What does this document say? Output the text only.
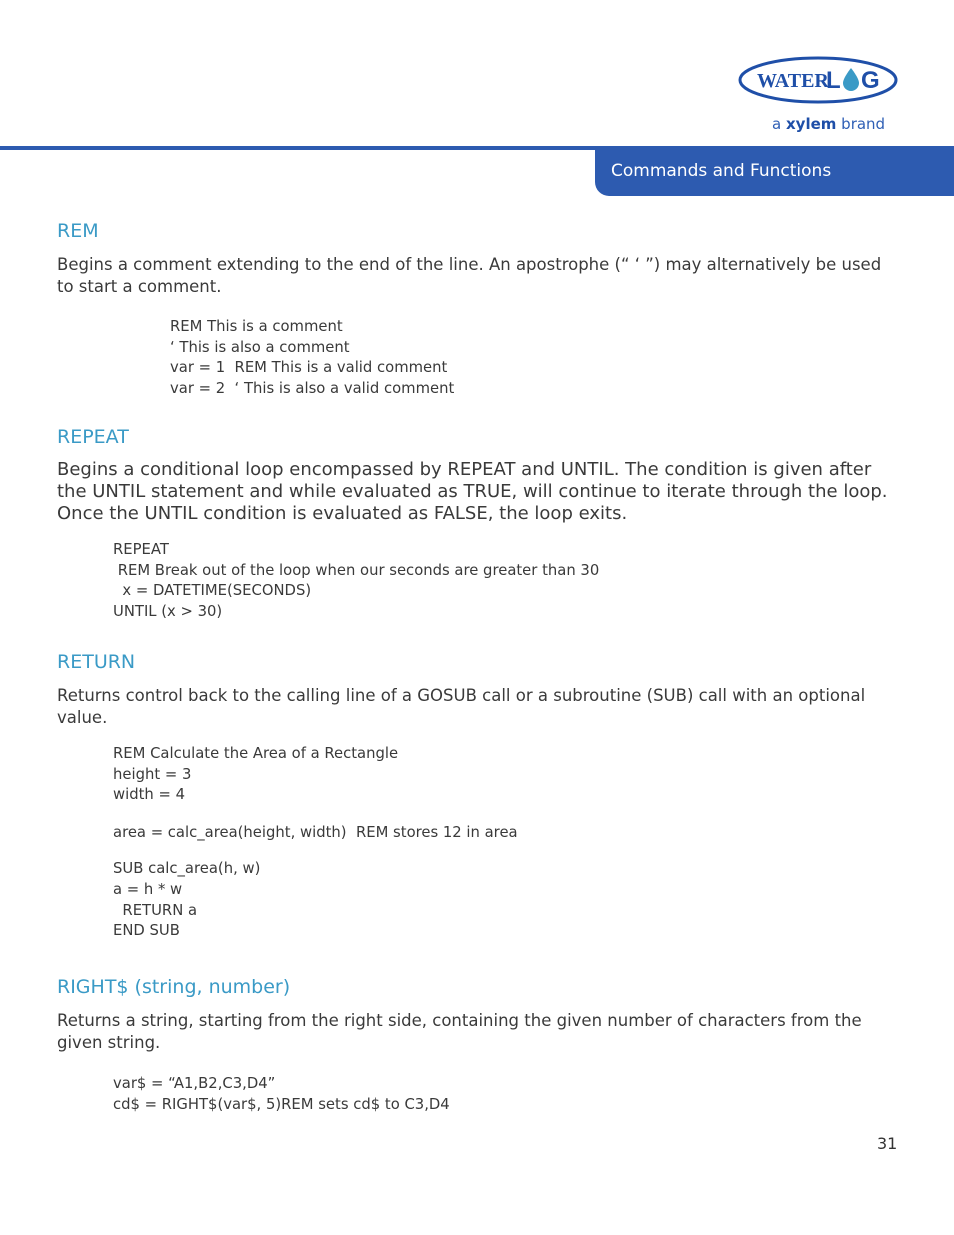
WATER
L G
a xylem brand
Commands and Functions
REM

Begins a comment extending to the end of the line. An apostrophe (“ ‘ ”) may alternatively be used to start a comment.

REM This is a comment
‘ This is also a comment
var = 1  REM This is a valid comment
var = 2  ‘ This is also a valid comment
REPEAT

Begins a conditional loop encompassed by REPEAT and UNTIL. The condition is given after the UNTIL statement and while evaluated as TRUE, will continue to iterate through the loop. Once the UNTIL condition is evaluated as FALSE, the loop exits.

REPEAT
REM Break out of the loop when our seconds are greater than 30
x = DATETIME(SECONDS)
UNTIL (x > 30)
RETURN

Returns control back to the calling line of a GOSUB call or a subroutine (SUB) call with an optional value.

REM Calculate the Area of a Rectangle
height = 3
width = 4
area = calc_area(height, width)  REM stores 12 in area
SUB calc_area(h, w)
a = h * w
RETURN a
END SUB
RIGHT$ (string, number)

Returns a string, starting from the right side, containing the given number of characters from the given string.

var$ = “A1,B2,C3,D4”
cd$ = RIGHT$(var$, 5)REM sets cd$ to C3,D4
31
